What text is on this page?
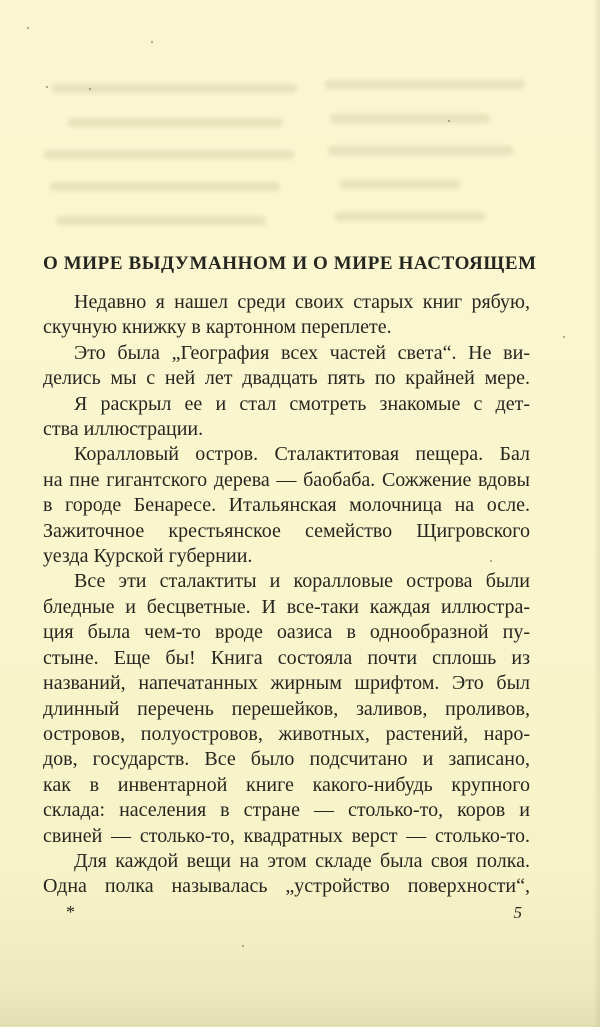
О МИРЕ ВЫДУМАННОМ И О МИРЕ НАСТОЯЩЕМ
Недавно я нашел среди своих старых книг рябую,
скучную книжку в картонном переплете.
Это была „География всех частей света“. Не ви-
делись мы с ней лет двадцать пять по крайней мере.
Я раскрыл ее и стал смотреть знакомые с дет-
ства иллюстрации.
Коралловый остров. Сталактитовая пещера. Бал
на пне гигантского дерева — баобаба. Сожжение вдовы
в городе Бенаресе. Итальянская молочница на осле.
Зажиточное крестьянское семейство Щигровского
уезда Курской губернии.
Все эти сталактиты и коралловые острова были
бледные и бесцветные. И все-таки каждая иллюстра-
ция была чем-то вроде оазиса в однообразной пу-
стыне. Еще бы! Книга состояла почти сплошь из
названий, напечатанных жирным шрифтом. Это был
длинный перечень перешейков, заливов, проливов,
островов, полуостровов, животных, растений, наро-
дов, государств. Все было подсчитано и записано,
как в инвентарной книге какого-нибудь крупного
склада: населения в стране — столько-то, коров и
свиней — столько-то, квадратных верст — столько-то.
Для каждой вещи на этом складе была своя полка.
Одна полка называлась „устройство поверхности“,
*	5
